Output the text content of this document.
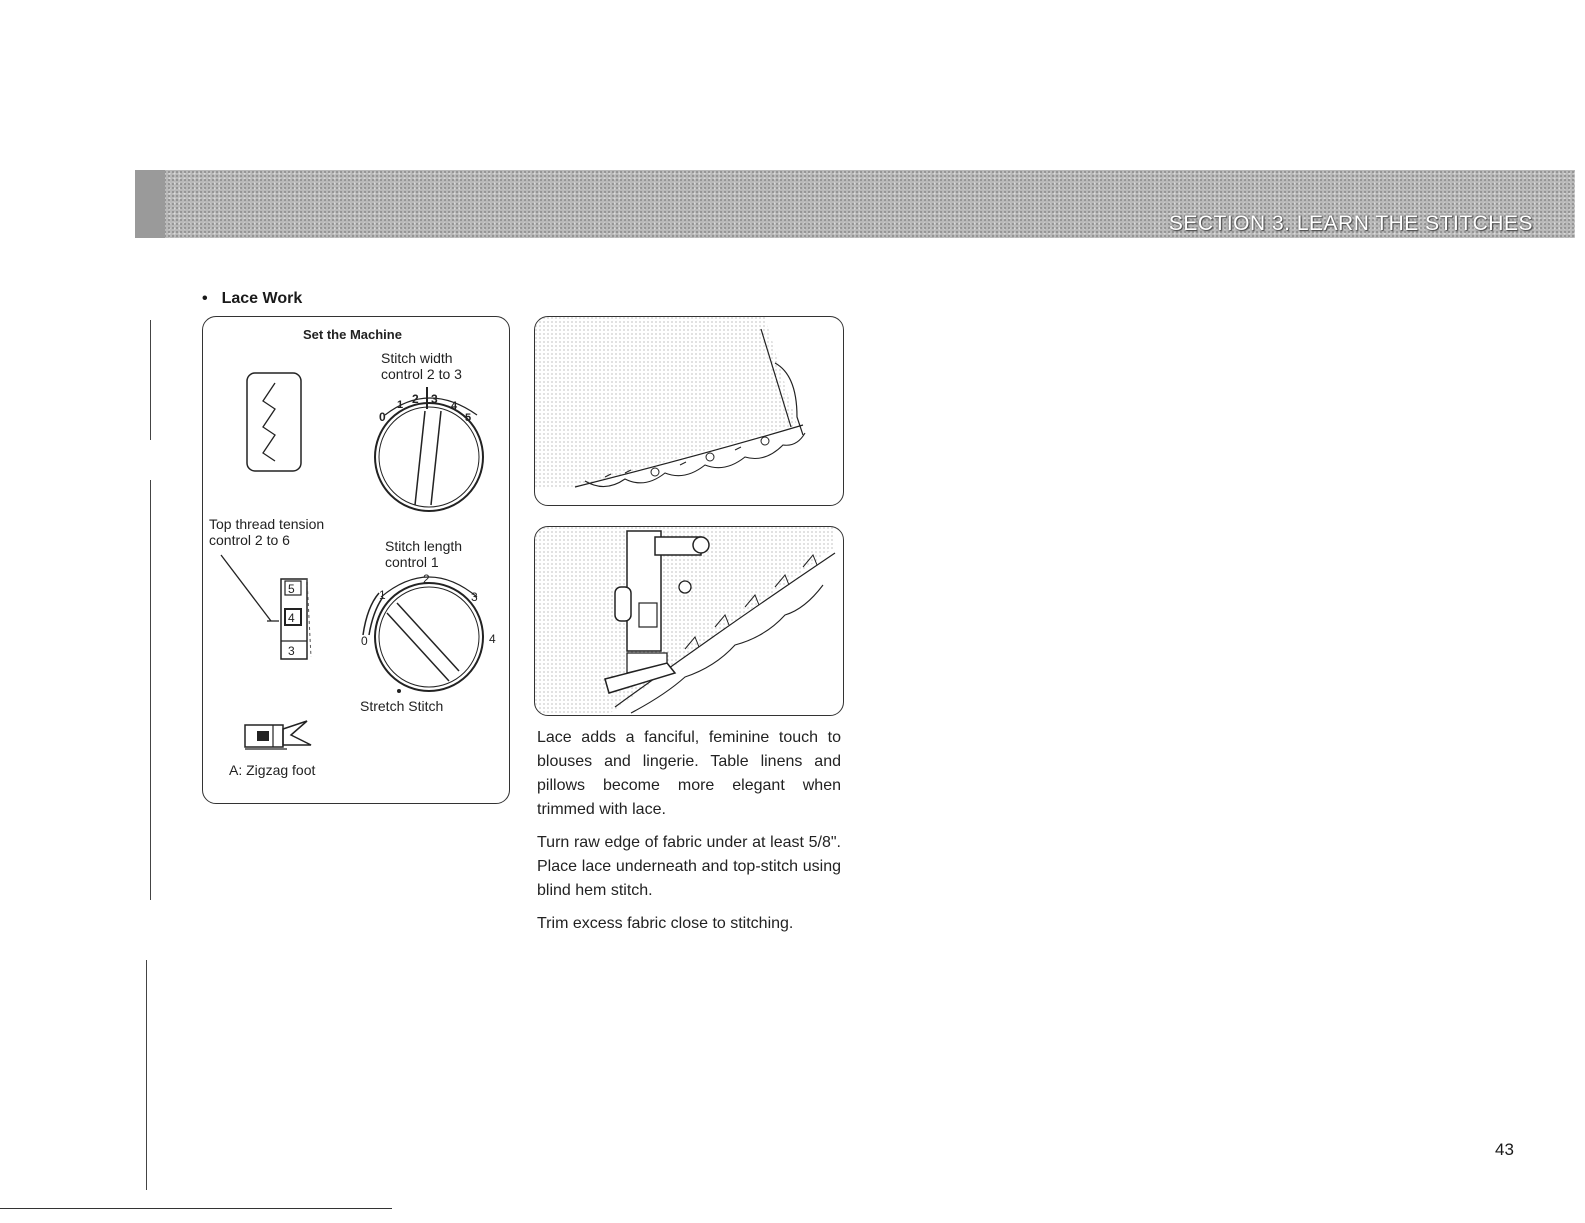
SECTION 3. LEARN THE STITCHES
• Lace Work
Set the Machine
Stitch width
control 2 to 3
Top thread tension
control 2 to 6	Stitch length
control 1
Stretch Stitch
A: Zigzag foot
0
1 2 3 4
5
5
4
3
0
1
2
3
4

Lace adds a fanciful, feminine touch to blouses and lingerie. Table linens and pillows become more elegant when trimmed with lace.

Turn raw edge of fabric under at least 5/8". Place lace underneath and top-stitch using blind hem stitch.

Trim excess fabric close to stitching.

43
